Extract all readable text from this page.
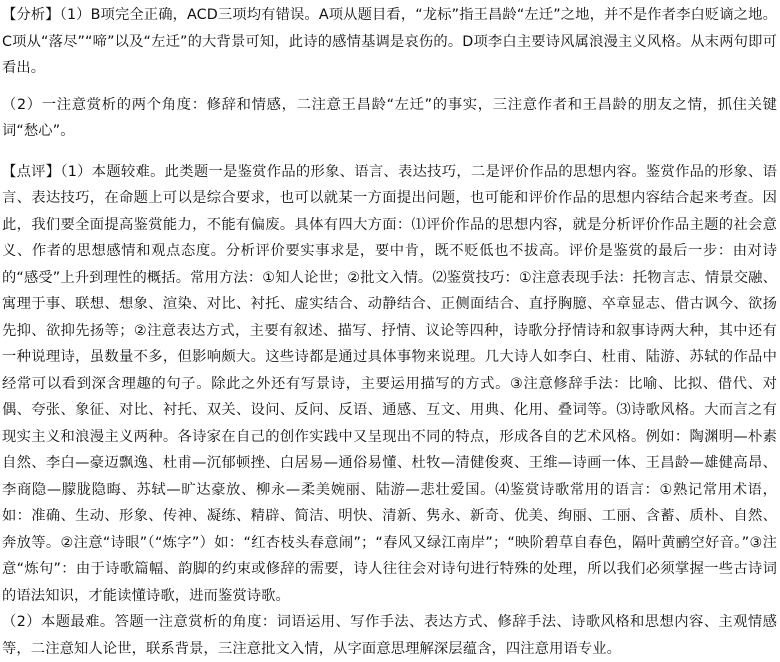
【分析】（1）B项完全正确，ACD三项均有错误。A项从题目看，“龙标”指王昌龄“左迁”之地，并不是作者李白贬谪之地。C项从“落尽”“啼”以及“左迁”的大背景可知，此诗的感情基调是哀伤的。D项李白主要诗风属浪漫主义风格。从末两句即可看出。

（2）一注意赏析的两个角度：修辞和情感，二注意王昌龄“左迁”的事实，三注意作者和王昌龄的朋友之情，抓住关键词“愁心”。

【点评】（1）本题较难。此类题一是鉴赏作品的形象、语言、表达技巧，二是评价作品的思想内容。鉴赏作品的形象、语言、表达技巧，在命题上可以是综合要求，也可以就某一方面提出问题，也可能和评价作品的思想内容结合起来考查。因此，我们要全面提高鉴赏能力，不能有偏废。具体有四大方面：⑴评价作品的思想内容，就是分析评价作品主题的社会意义、作者的思想感情和观点态度。分析评价要实事求是，要中肯，既不贬低也不拔高。评价是鉴赏的最后一步：由对诗的“感受”上升到理性的概括。常用方法：①知人论世；②批文入情。⑵鉴赏技巧：①注意表现手法：托物言志、情景交融、寓理于事、联想、想象、渲染、对比、衬托、虚实结合、动静结合、正侧面结合、直抒胸臆、卒章显志、借古讽今、欲扬先抑、欲抑先扬等；②注意表达方式，主要有叙述、描写、抒情、议论等四种，诗歌分抒情诗和叙事诗两大种，其中还有一种说理诗，虽数量不多，但影响颇大。这些诗都是通过具体事物来说理。几大诗人如李白、杜甫、陆游、苏轼的作品中经常可以看到深含理趣的句子。除此之外还有写景诗，主要运用描写的方式。③注意修辞手法：比喻、比拟、借代、对偶、夸张、象征、对比、衬托、双关、设问、反问、反语、通感、互文、用典、化用、叠词等。⑶诗歌风格。大而言之有现实主义和浪漫主义两种。各诗家在自己的创作实践中又呈现出不同的特点，形成各自的艺术风格。例如：陶渊明—朴素自然、李白—豪迈飘逸、杜甫—沉郁顿挫、白居易—通俗易懂、杜牧—清健俊爽、王维—诗画一体、王昌龄—雄健高昂、李商隐—朦胧隐晦、苏轼—旷达豪放、柳永—柔美婉丽、陆游—悲壮爱国。⑷鉴赏诗歌常用的语言：①熟记常用术语，如：准确、生动、形象、传神、凝练、精辟、简洁、明快、清新、隽永、新奇、优美、绚丽、工丽、含蓄、质朴、自然、奔放等。②注意“诗眼”（“炼字”）如：“红杏枝头春意闹”；“春风又绿江南岸”；“映阶碧草自春色，隔叶黄鹂空好音。”③注意“炼句”：由于诗歌篇幅、韵脚的约束或修辞的需要，诗人往往会对诗句进行特殊的处理，所以我们必须掌握一些古诗词的语法知识，才能读懂诗歌，进而鉴赏诗歌。

（2）本题最难。答题一注意赏析的角度：词语运用、写作手法、表达方式、修辞手法、诗歌风格和思想内容、主观情感等，二注意知人论世，联系背景，三注意批文入情，从字面意思理解深层蕴含，四注意用语专业。
